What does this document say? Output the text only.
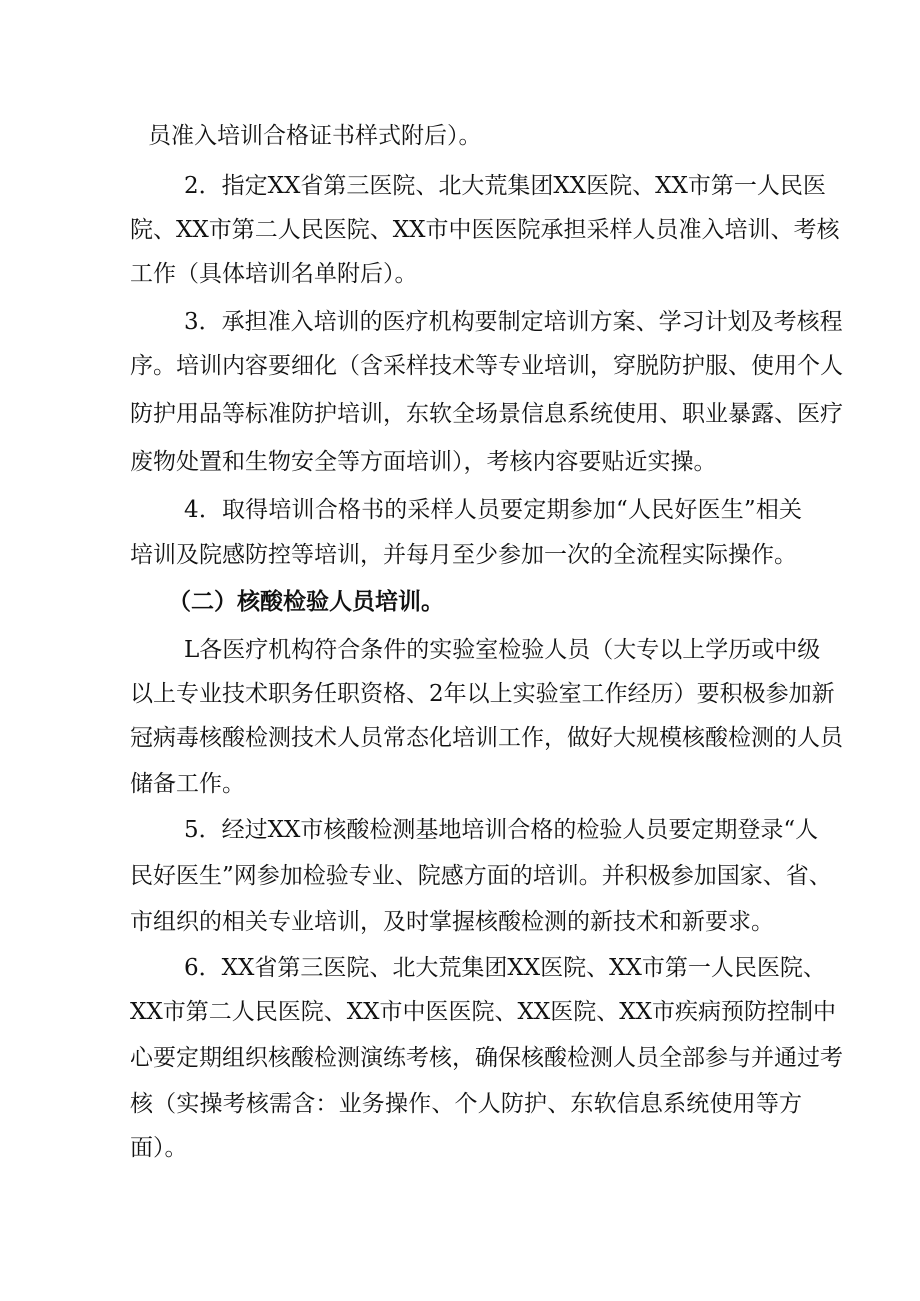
员准入培训合格证书样式附后）。
2．指定XX省第三医院、北大荒集团XX医院、XX市第一人民医
院、XX市第二人民医院、XX市中医医院承担采样人员准入培训、考核
工作（具体培训名单附后）。
3．承担准入培训的医疗机构要制定培训方案、学习计划及考核程
序。培训内容要细化（含采样技术等专业培训，穿脱防护服、使用个人
防护用品等标准防护培训，东软全场景信息系统使用、职业暴露、医疗
废物处置和生物安全等方面培训），考核内容要贴近实操。
4．取得培训合格书的采样人员要定期参加“人民好医生”相关
培训及院感防控等培训，并每月至少参加一次的全流程实际操作。
（二）核酸检验人员培训。
L各医疗机构符合条件的实验室检验人员（大专以上学历或中级
以上专业技术职务任职资格、2年以上实验室工作经历）要积极参加新
冠病毒核酸检测技术人员常态化培训工作，做好大规模核酸检测的人员
储备工作。
5．经过XX市核酸检测基地培训合格的检验人员要定期登录“人
民好医生”网参加检验专业、院感方面的培训。并积极参加国家、省、
市组织的相关专业培训，及时掌握核酸检测的新技术和新要求。
6．XX省第三医院、北大荒集团XX医院、XX市第一人民医院、
XX市第二人民医院、XX市中医医院、XX医院、XX市疾病预防控制中
心要定期组织核酸检测演练考核，确保核酸检测人员全部参与并通过考
核（实操考核需含：业务操作、个人防护、东软信息系统使用等方
面）。
